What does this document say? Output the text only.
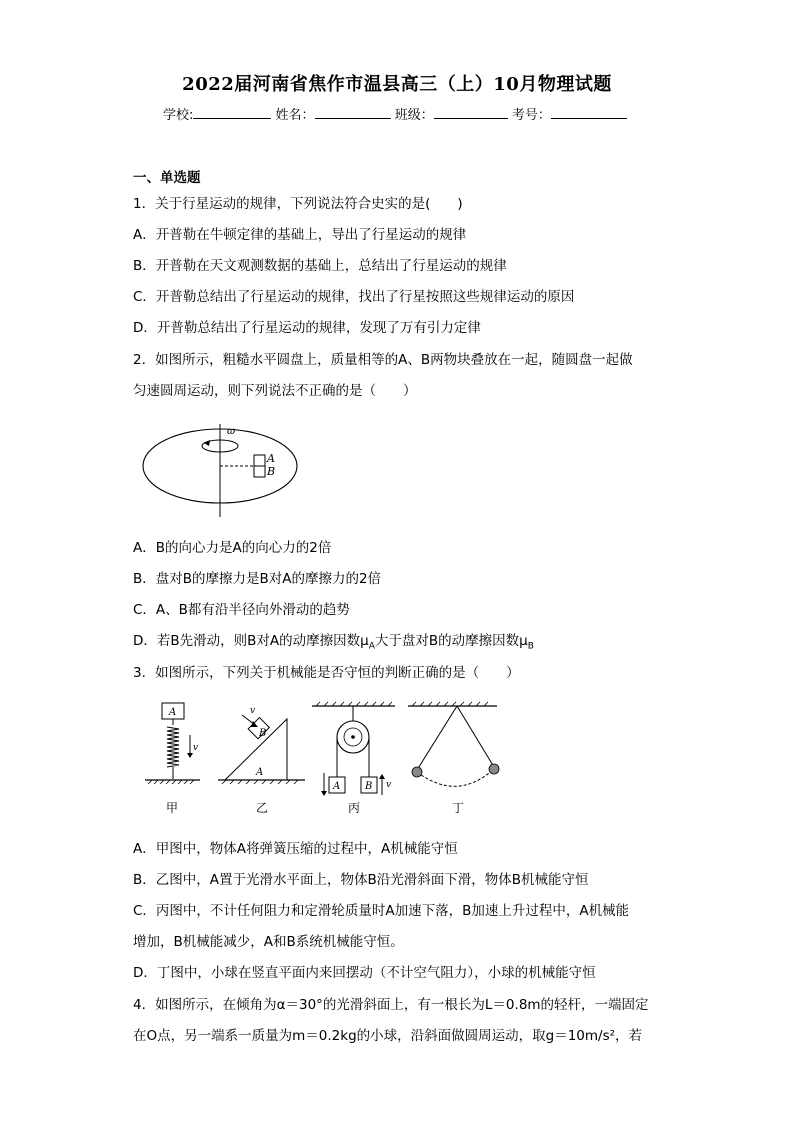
2022届河南省焦作市温县高三（上）10月物理试题
学校:	姓名：	班级：	考号：
一、单选题
1．关于行星运动的规律，下列说法符合史实的是(　　)
A．开普勒在牛顿定律的基础上，导出了行星运动的规律
B．开普勒在天文观测数据的基础上，总结出了行星运动的规律
C．开普勒总结出了行星运动的规律，找出了行星按照这些规律运动的原因
D．开普勒总结出了行星运动的规律，发现了万有引力定律
2．如图所示，粗糙水平圆盘上，质量相等的A、B两物块叠放在一起，随圆盘一起做
匀速圆周运动，则下列说法不正确的是（　　）
ω
A
B
A．B的向心力是A的向心力的2倍
B．盘对B的摩擦力是B对A的摩擦力的2倍
C．A、B都有沿半径向外滑动的趋势
D．若B先滑动，则B对A的动摩擦因数$\mu_A$大于盘对B的动摩擦因数$\mu_B$
3．如图所示，下列关于机械能是否守恒的判断正确的是（　　）
A
v
甲
A
B
v
乙
A B v
丙	丁
A．甲图中，物体A将弹簧压缩的过程中，A机械能守恒
B．乙图中，A置于光滑水平面上，物体B沿光滑斜面下滑，物体B机械能守恒
C．丙图中，不计任何阻力和定滑轮质量时A加速下落，B加速上升过程中，A机械能
增加，B机械能减少，A和B系统机械能守恒。
D．丁图中，小球在竖直平面内来回摆动（不计空气阻力），小球的机械能守恒
4．如图所示，在倾角为α＝30°的光滑斜面上，有一根长为L＝0.8m的轻杆，一端固定
在O点，另一端系一质量为m＝0.2kg的小球，沿斜面做圆周运动，取g＝10m/s²，若
